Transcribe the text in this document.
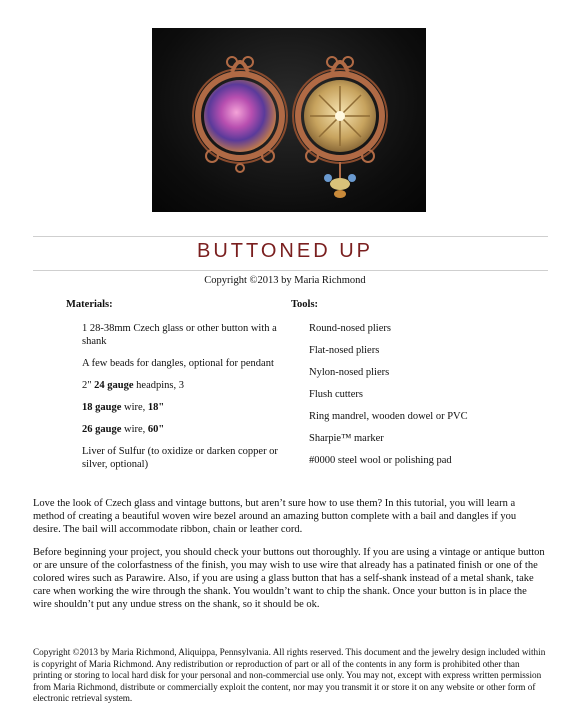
BUTTONED UP
Copyright ©2013 by Maria Richmond
Materials:	Tools:
1 28-38mm Czech glass or other button with a shank
A few beads for dangles, optional for pendant
2" 24 gauge headpins, 3
18 gauge wire, 18"
26 gauge wire, 60"
Liver of Sulfur (to oxidize or darken copper or silver, optional)
Round-nosed pliers
Flat-nosed pliers
Nylon-nosed pliers
Flush cutters
Ring mandrel, wooden dowel or PVC
Sharpie™ marker
#0000 steel wool or polishing pad

Love the look of Czech glass and vintage buttons, but aren’t sure how to use them? In this tutorial, you will learn a method of creating a beautiful woven wire bezel around an amazing button complete with a bail and dangles if you desire. The bail will accommodate ribbon, chain or leather cord.

Before beginning your project, you should check your buttons out thoroughly. If you are using a vintage or antique button or are unsure of the colorfastness of the finish, you may wish to use wire that already has a patinated finish or one of the colored wires such as Parawire. Also, if you are using a glass button that has a self-shank instead of a metal shank, take care when working the wire through the shank. You wouldn’t want to chip the shank. Once your button is in place the wire shouldn’t put any undue stress on the shank, so it should be ok.

Copyright ©2013 by Maria Richmond, Aliquippa, Pennsylvania. All rights reserved. This document and the jewelry design included within is copyright of Maria Richmond. Any redistribution or reproduction of part or all of the contents in any form is prohibited other than printing or storing to local hard disk for your personal and non-commercial use only. You may not, except with express written permission from Maria Richmond, distribute or commercially exploit the content, nor may you transmit it or store it on any website or other form of electronic retrieval system.
